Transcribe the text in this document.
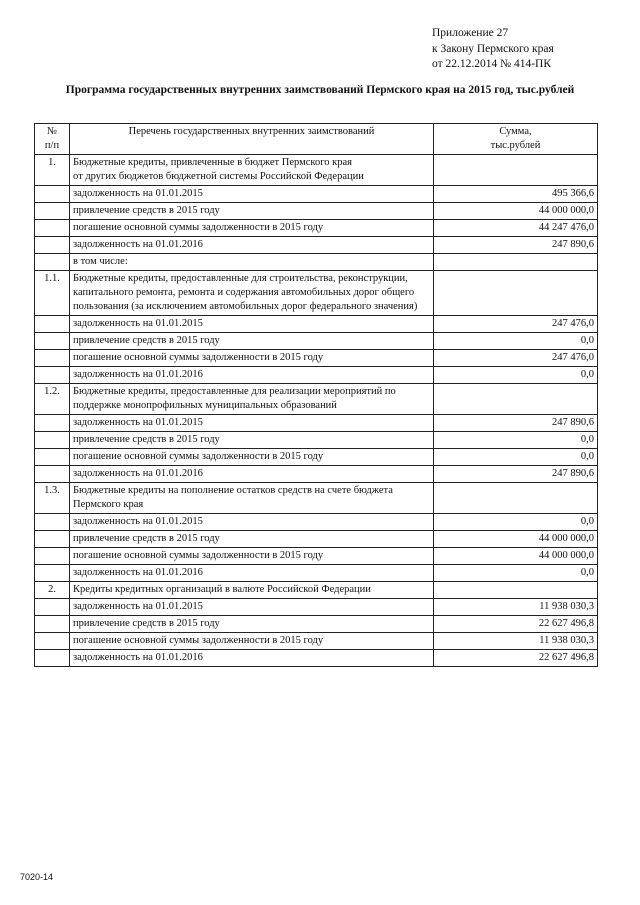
Приложение 27
к Закону Пермского края
от 22.12.2014 № 414-ПК
Программа государственных внутренних заимствований Пермского края на 2015 год, тыс.рублей
№
п/п	Перечень государственных внутренних заимствований	Сумма,
тыс.рублей
1.	Бюджетные кредиты, привлеченные в бюджет Пермского края
от других бюджетов бюджетной системы Российской Федерации	
	задолженность на 01.01.2015	495 366,6
	привлечение средств в 2015 году	44 000 000,0
	погашение основной суммы задолженности в 2015 году	44 247 476,0
	задолженность на 01.01.2016	247 890,6
	в том числе:	
1.1.	Бюджетные кредиты, предоставленные для строительства, реконструкции, капитального ремонта, ремонта и содержания автомобильных дорог общего пользования (за исключением автомобильных дорог федерального значения)	
	задолженность на 01.01.2015	247 476,0
	привлечение средств в 2015 году	0,0
	погашение основной суммы задолженности в 2015 году	247 476,0
	задолженность на 01.01.2016	0,0
1.2.	Бюджетные кредиты, предоставленные для реализации мероприятий по поддержке монопрофильных муниципальных образований	
	задолженность на 01.01.2015	247 890,6
	привлечение средств в 2015 году	0,0
	погашение основной суммы задолженности в 2015 году	0,0
	задолженность на 01.01.2016	247 890,6
1.3.	Бюджетные кредиты на пополнение остатков средств на счете бюджета Пермского края	
	задолженность на 01.01.2015	0,0
	привлечение средств в 2015 году	44 000 000,0
	погашение основной суммы задолженности в 2015 году	44 000 000,0
	задолженность на 01.01.2016	0,0
2.	Кредиты кредитных организаций в валюте Российской Федерации	
	задолженность на 01.01.2015	11 938 030,3
	привлечение средств в 2015 году	22 627 496,8
	погашение основной суммы задолженности в 2015 году	11 938 030,3
	задолженность на 01.01.2016	22 627 496,8
7020-14
